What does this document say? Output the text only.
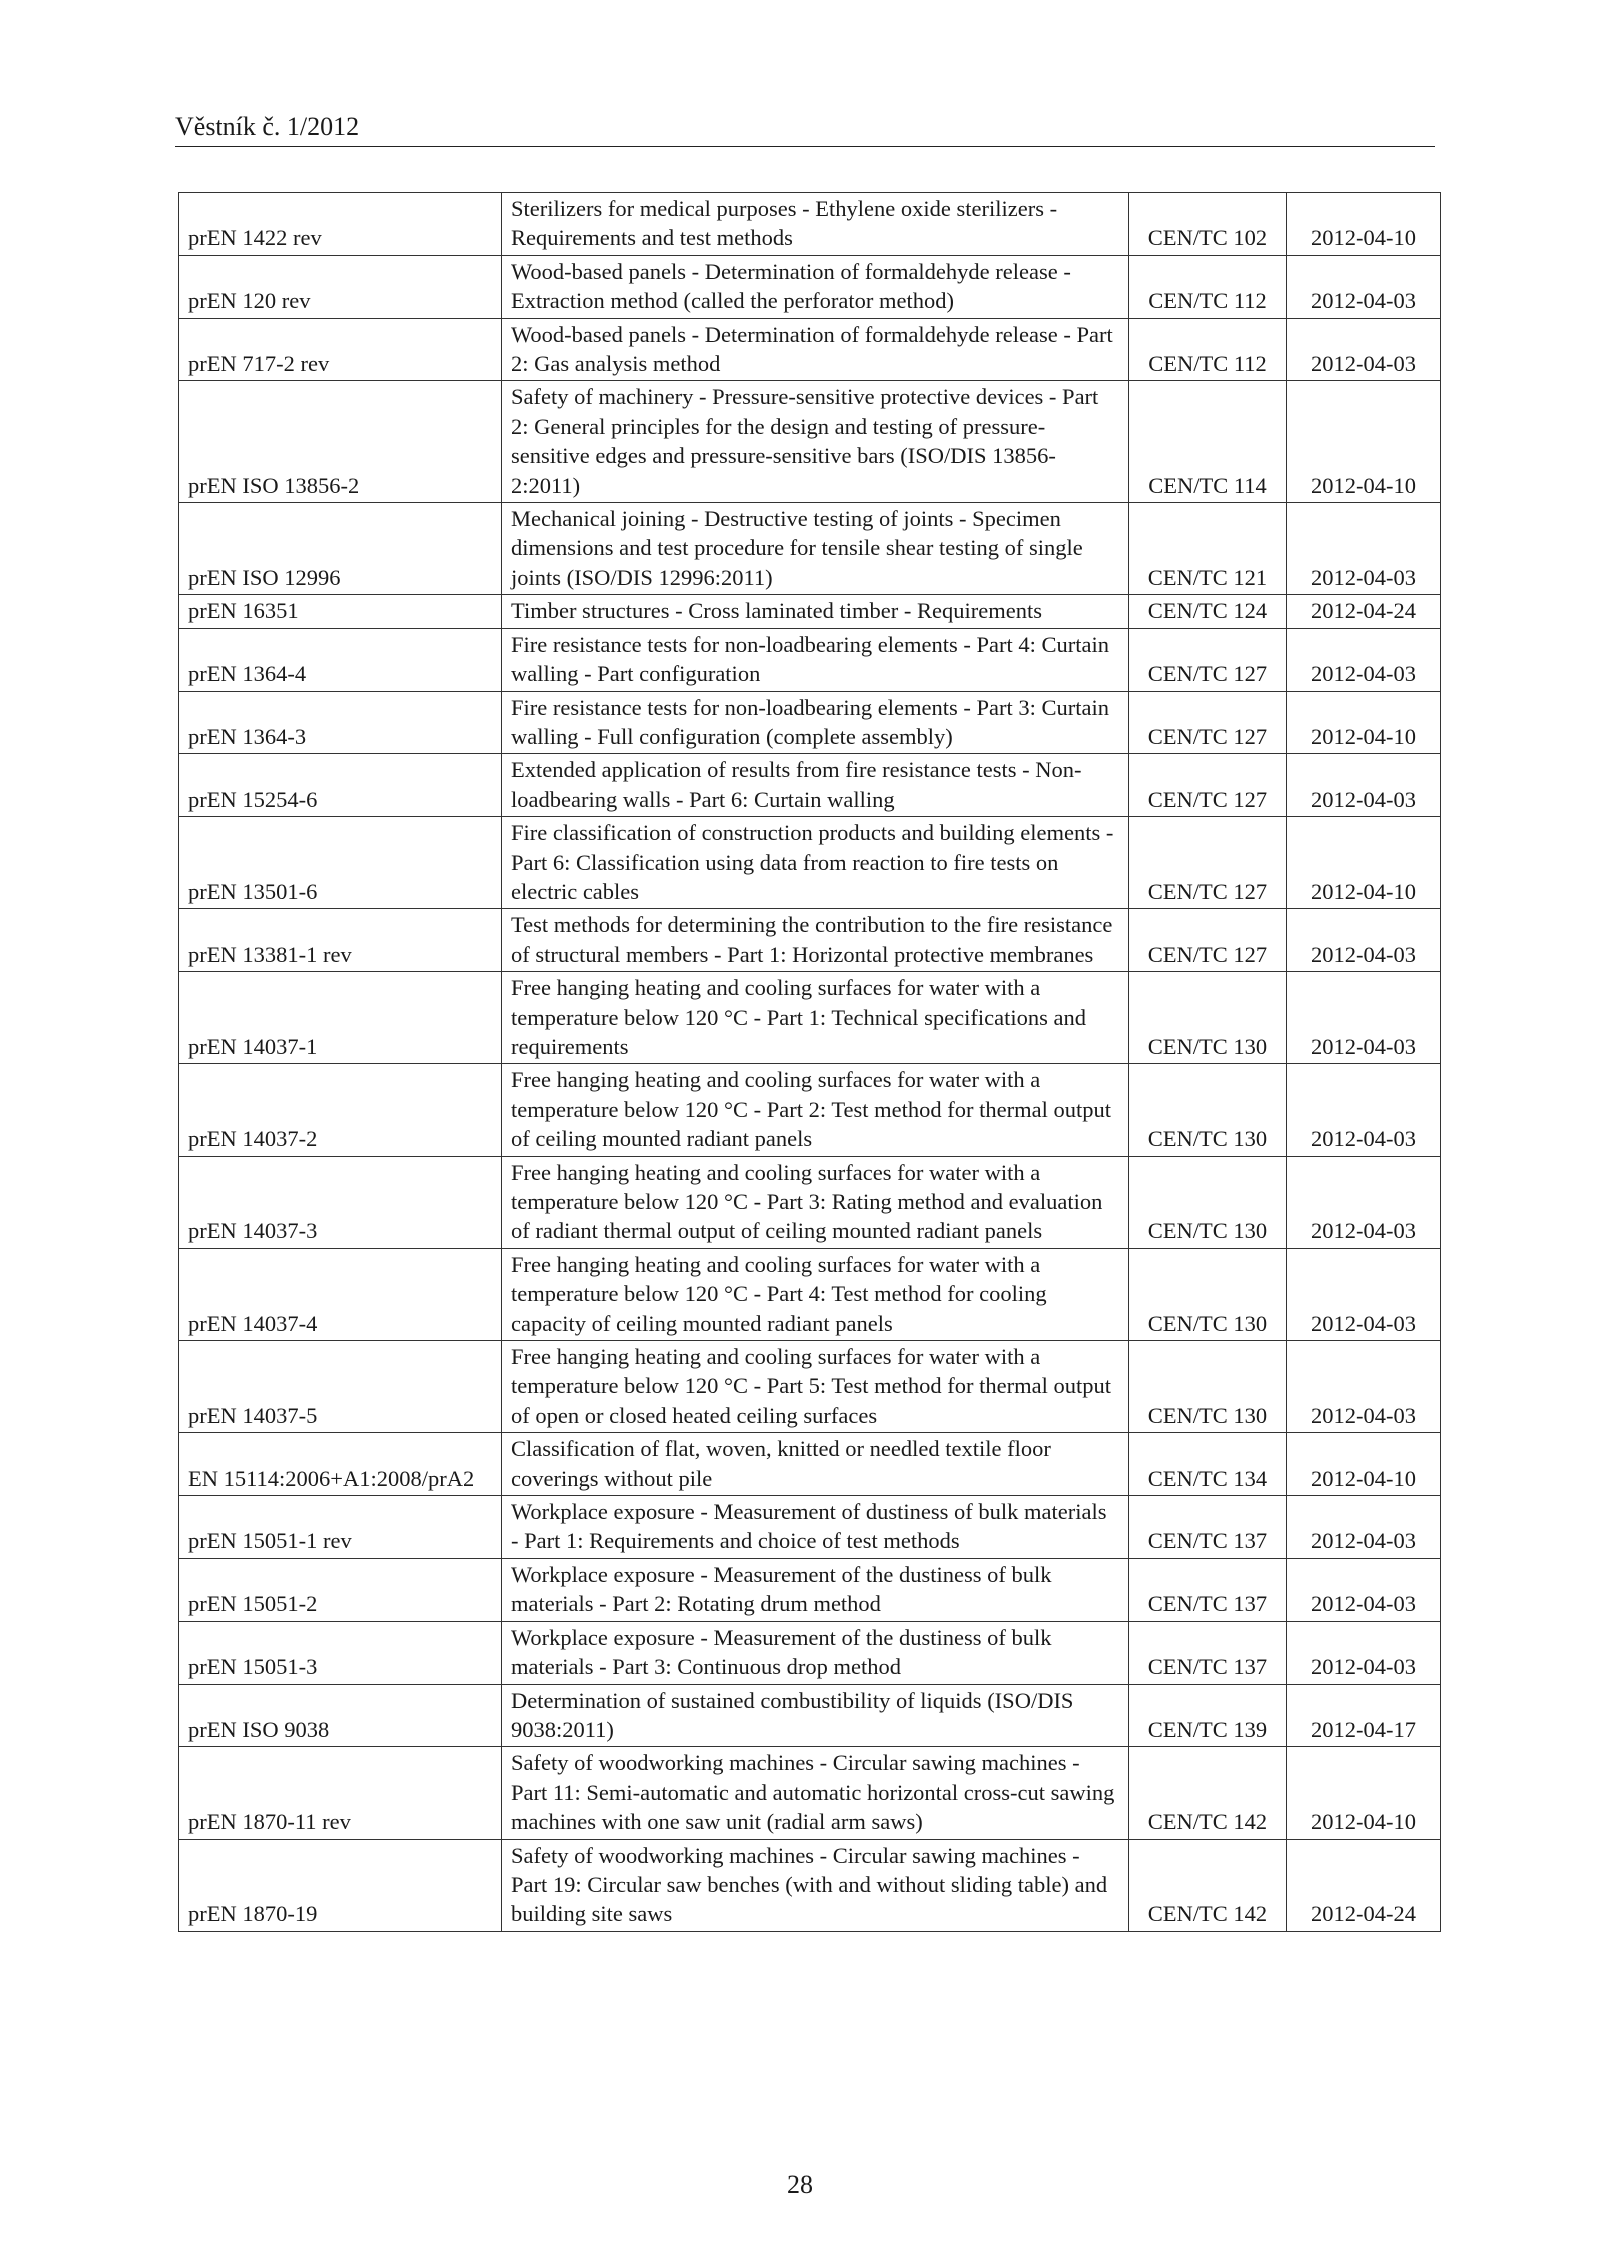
Věstník č. 1/2012
prEN 1422 rev	Sterilizers for medical purposes - Ethylene oxide sterilizers - Requirements and test methods	CEN/TC 102	2012-04-10
prEN 120 rev	Wood-based panels - Determination of formaldehyde release - Extraction method (called the perforator method)	CEN/TC 112	2012-04-03
prEN 717-2 rev	Wood-based panels - Determination of formaldehyde release - Part 2: Gas analysis method	CEN/TC 112	2012-04-03
prEN ISO 13856-2	Safety of machinery - Pressure-sensitive protective devices - Part 2: General principles for the design and testing of pressure-sensitive edges and pressure-sensitive bars (ISO/DIS 13856-2:2011)	CEN/TC 114	2012-04-10
prEN ISO 12996	Mechanical joining - Destructive testing of joints - Specimen dimensions and test procedure for tensile shear testing of single joints (ISO/DIS 12996:2011)	CEN/TC 121	2012-04-03
prEN 16351	Timber structures - Cross laminated timber - Requirements	CEN/TC 124	2012-04-24
prEN 1364-4	Fire resistance tests for non-loadbearing elements - Part 4: Curtain walling - Part configuration	CEN/TC 127	2012-04-03
prEN 1364-3	Fire resistance tests for non-loadbearing elements - Part 3: Curtain walling - Full configuration (complete assembly)	CEN/TC 127	2012-04-10
prEN 15254-6	Extended application of results from fire resistance tests - Non-loadbearing walls - Part 6: Curtain walling	CEN/TC 127	2012-04-03
prEN 13501-6	Fire classification of construction products and building elements - Part 6: Classification using data from reaction to fire tests on electric cables	CEN/TC 127	2012-04-10
prEN 13381-1 rev	Test methods for determining the contribution to the fire resistance of structural members - Part 1: Horizontal protective membranes	CEN/TC 127	2012-04-03
prEN 14037-1	Free hanging heating and cooling surfaces for water with a temperature below 120 °C - Part 1: Technical specifications and requirements	CEN/TC 130	2012-04-03
prEN 14037-2	Free hanging heating and cooling surfaces for water with a temperature below 120 °C - Part 2: Test method for thermal output of ceiling mounted radiant panels	CEN/TC 130	2012-04-03
prEN 14037-3	Free hanging heating and cooling surfaces for water with a temperature below 120 °C - Part 3: Rating method and evaluation of radiant thermal output of ceiling mounted radiant panels	CEN/TC 130	2012-04-03
prEN 14037-4	Free hanging heating and cooling surfaces for water with a temperature below 120 °C - Part 4: Test method for cooling capacity of ceiling mounted radiant panels	CEN/TC 130	2012-04-03
prEN 14037-5	Free hanging heating and cooling surfaces for water with a temperature below 120 °C - Part 5: Test method for thermal output of open or closed heated ceiling surfaces	CEN/TC 130	2012-04-03
EN 15114:2006+A1:2008/prA2	Classification of flat, woven, knitted or needled textile floor coverings without pile	CEN/TC 134	2012-04-10
prEN 15051-1 rev	Workplace exposure - Measurement of dustiness of bulk materials - Part 1: Requirements and choice of test methods	CEN/TC 137	2012-04-03
prEN 15051-2	Workplace exposure - Measurement of the dustiness of bulk materials - Part 2: Rotating drum method	CEN/TC 137	2012-04-03
prEN 15051-3	Workplace exposure - Measurement of the dustiness of bulk materials - Part 3: Continuous drop method	CEN/TC 137	2012-04-03
prEN ISO 9038	Determination of sustained combustibility of liquids (ISO/DIS 9038:2011)	CEN/TC 139	2012-04-17
prEN 1870-11 rev	Safety of woodworking machines - Circular sawing machines - Part 11: Semi-automatic and automatic horizontal cross-cut sawing machines with one saw unit (radial arm saws)	CEN/TC 142	2012-04-10
prEN 1870-19	Safety of woodworking machines - Circular sawing machines - Part 19: Circular saw benches (with and without sliding table) and building site saws	CEN/TC 142	2012-04-24
28
